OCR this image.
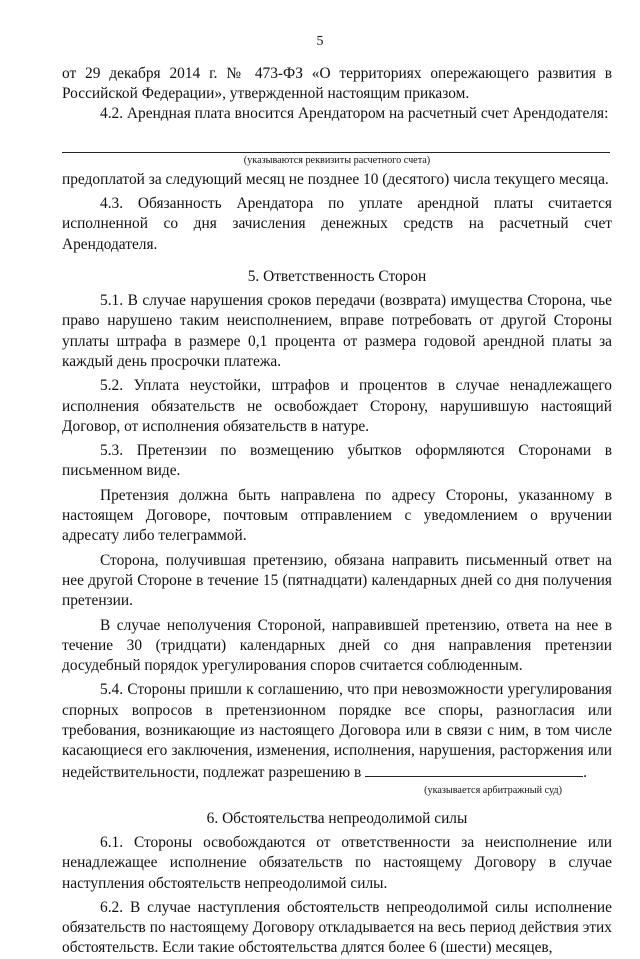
5

от 29 декабря 2014 г. № 473-ФЗ «О территориях опережающего развития в Российской Федерации», утвержденной настоящим приказом.

4.2. Арендная плата вносится Арендатором на расчетный счет Арендодателя:

(указываются реквизиты расчетного счета)

предоплатой за следующий месяц не позднее 10 (десятого) числа текущего месяца.

4.3. Обязанность Арендатора по уплате арендной платы считается исполненной со дня зачисления денежных средств на расчетный счет Арендодателя.

5. Ответственность Сторон

5.1. В случае нарушения сроков передачи (возврата) имущества Сторона, чье право нарушено таким неисполнением, вправе потребовать от другой Стороны уплаты штрафа в размере 0,1 процента от размера годовой арендной платы за каждый день просрочки платежа.

5.2. Уплата неустойки, штрафов и процентов в случае ненадлежащего исполнения обязательств не освобождает Сторону, нарушившую настоящий Договор, от исполнения обязательств в натуре.

5.3. Претензии по возмещению убытков оформляются Сторонами в письменном виде.

Претензия должна быть направлена по адресу Стороны, указанному в настоящем Договоре, почтовым отправлением с уведомлением о вручении адресату либо телеграммой.

Сторона, получившая претензию, обязана направить письменный ответ на нее другой Стороне в течение 15 (пятнадцати) календарных дней со дня получения претензии.

В случае неполучения Стороной, направившей претензию, ответа на нее в течение 30 (тридцати) календарных дней со дня направления претензии досудебный порядок урегулирования споров считается соблюденным.

5.4. Стороны пришли к соглашению, что при невозможности урегулирования спорных вопросов в претензионном порядке все споры, разногласия или требования, возникающие из настоящего Договора или в связи с ним, в том числе касающиеся его заключения, изменения, исполнения, нарушения, расторжения или недействительности, подлежат разрешению в	.

(указывается арбитражный суд)
6. Обстоятельства непреодолимой силы

6.1. Стороны освобождаются от ответственности за неисполнение или ненадлежащее исполнение обязательств по настоящему Договору в случае наступления обстоятельств непреодолимой силы.

6.2. В случае наступления обстоятельств непреодолимой силы исполнение обязательств по настоящему Договору откладывается на весь период действия этих обстоятельств. Если такие обстоятельства длятся более 6 (шести) месяцев,
